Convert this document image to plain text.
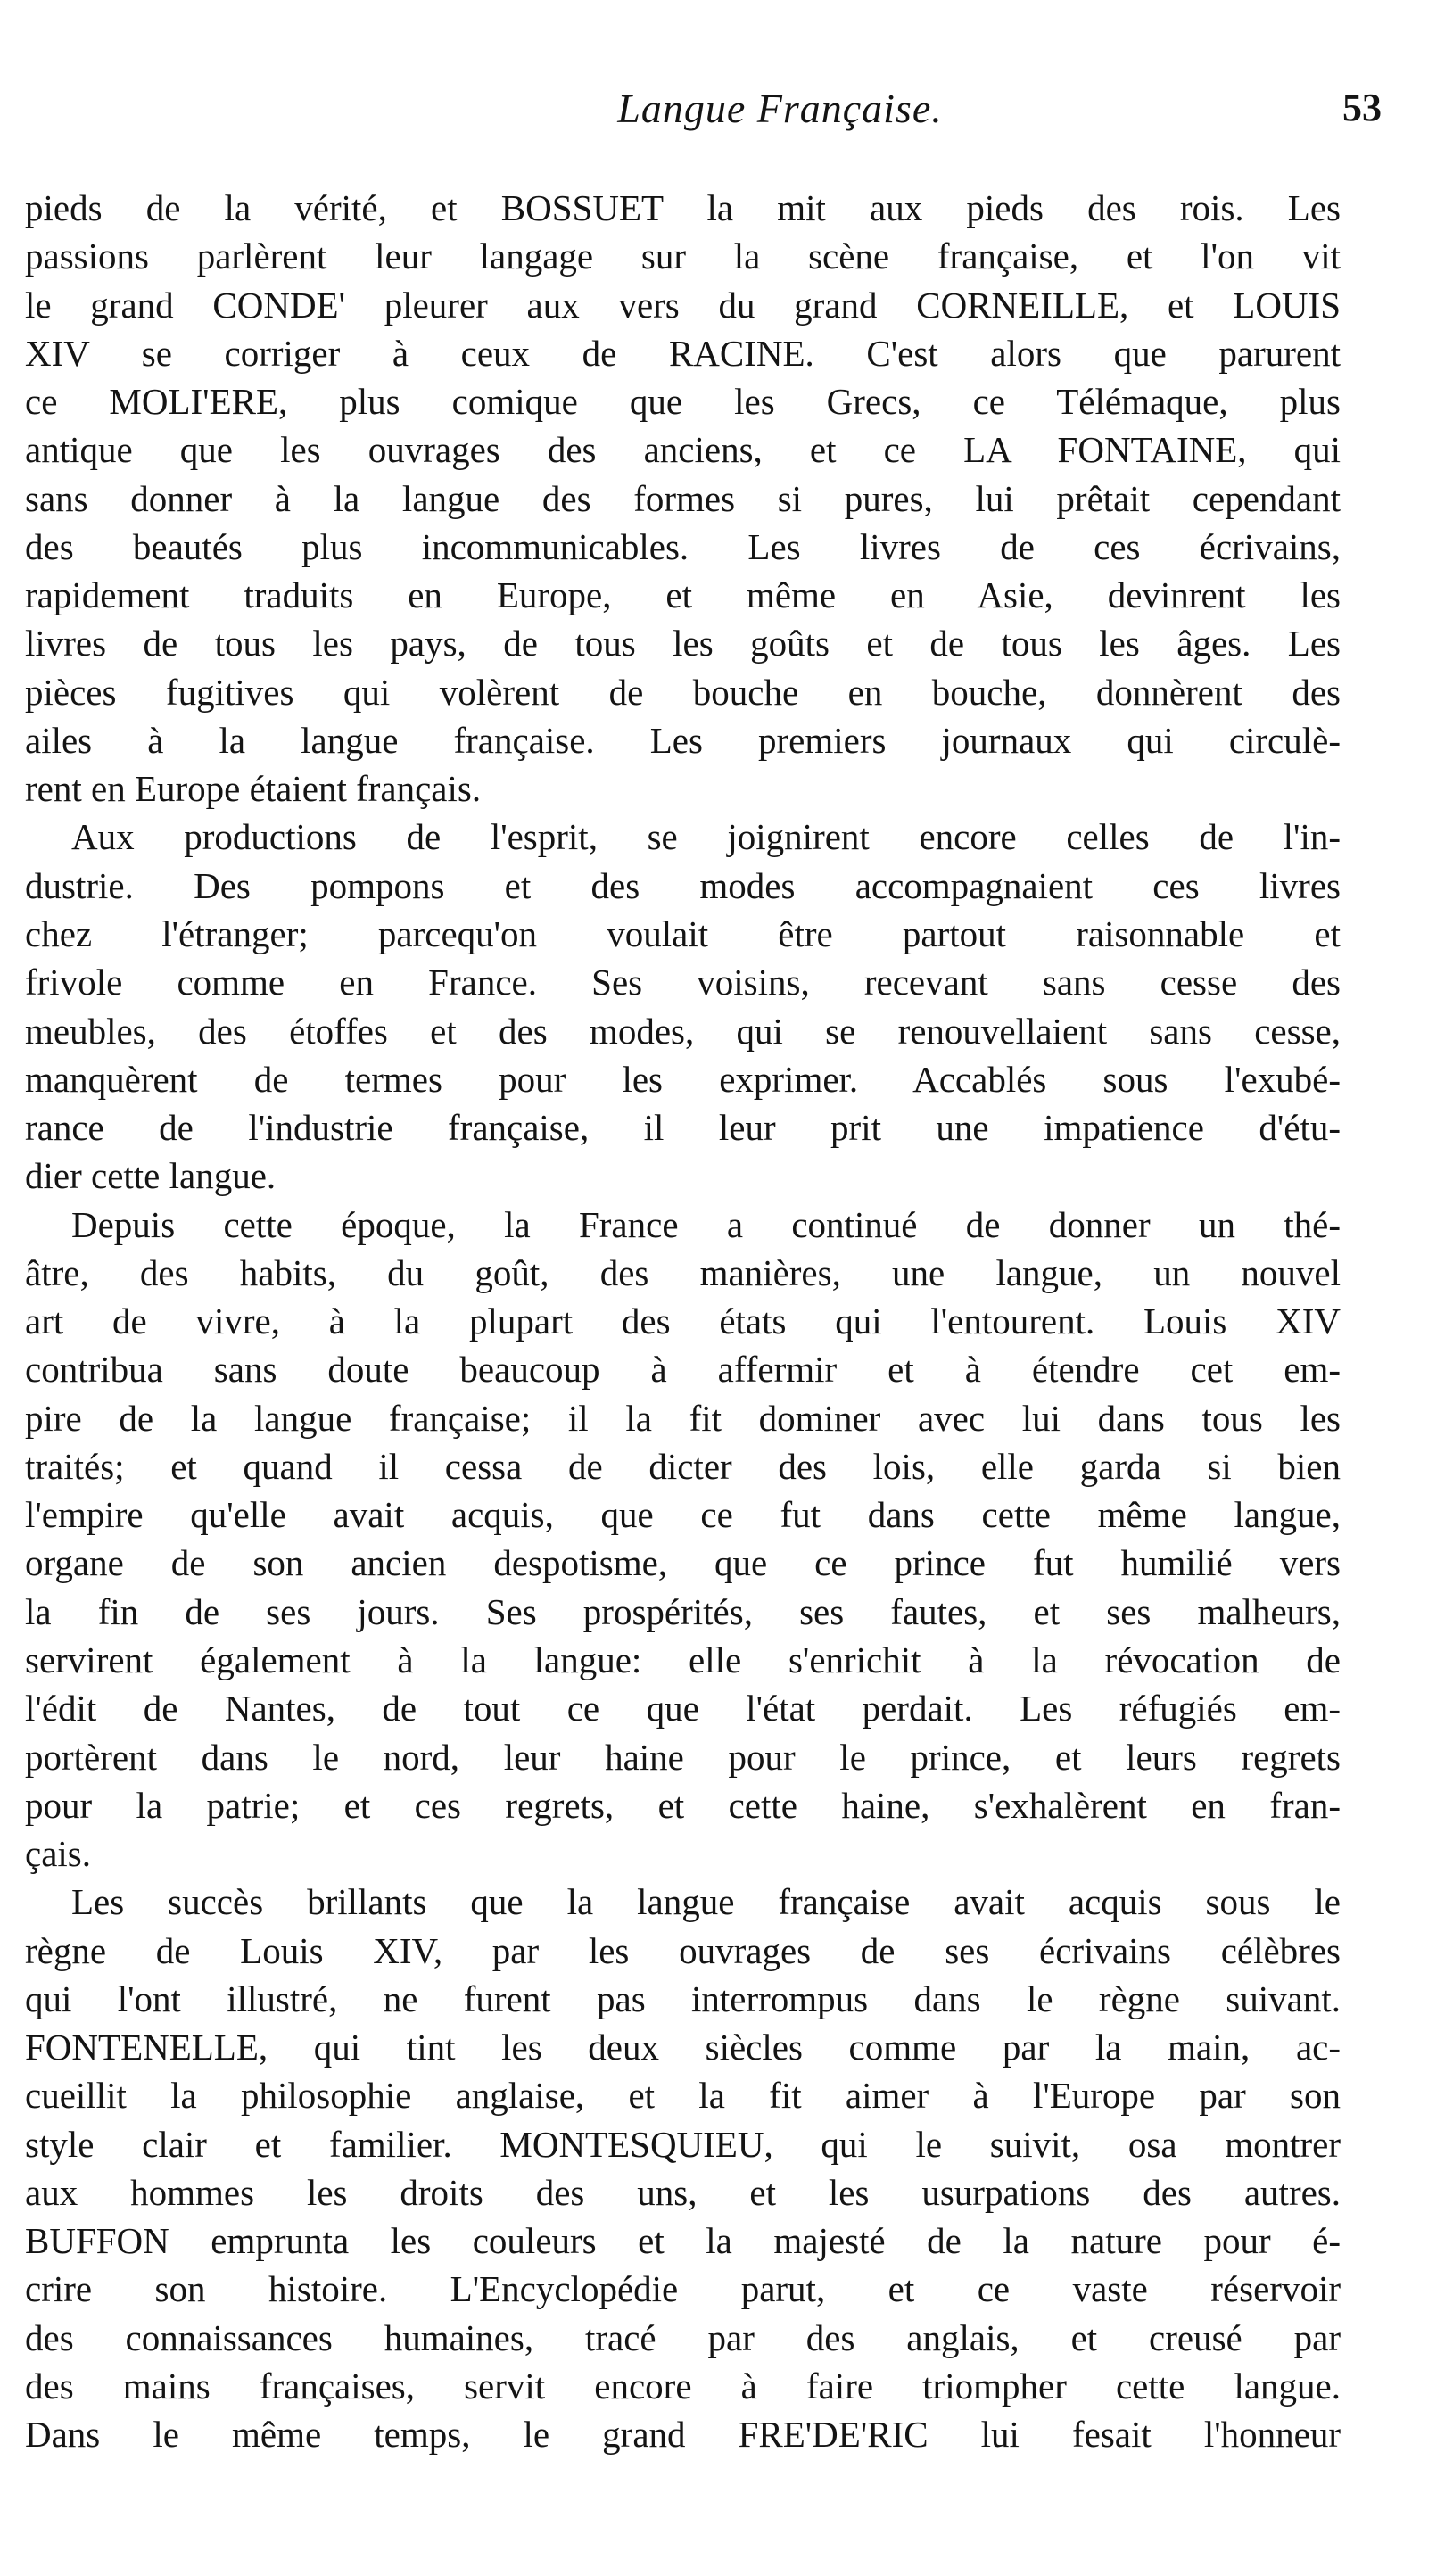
Langue Française.	53
pieds de la vérité, et BOSSUET la mit aux pieds des rois. Les
passions parlèrent leur langage sur la scène française, et l'on vit
le grand CONDE' pleurer aux vers du grand CORNEILLE, et LOUIS
XIV se corriger à ceux de RACINE. C'est alors que parurent
ce MOLI'ERE, plus comique que les Grecs, ce Télémaque, plus
antique que les ouvrages des anciens, et ce LA FONTAINE, qui
sans donner à la langue des formes si pures, lui prêtait cependant
des beautés plus incommunicables. Les livres de ces écrivains,
rapidement traduits en Europe, et même en Asie, devinrent les
livres de tous les pays, de tous les goûts et de tous les âges. Les
pièces fugitives qui volèrent de bouche en bouche, donnèrent des
ailes à la langue française. Les premiers journaux qui circulè-
rent en Europe étaient français.
Aux productions de l'esprit, se joignirent encore celles de l'in-
dustrie. Des pompons et des modes accompagnaient ces livres
chez l'étranger; parcequ'on voulait être partout raisonnable et
frivole comme en France. Ses voisins, recevant sans cesse des
meubles, des étoffes et des modes, qui se renouvellaient sans cesse,
manquèrent de termes pour les exprimer. Accablés sous l'exubé-
rance de l'industrie française, il leur prit une impatience d'étu-
dier cette langue.
Depuis cette époque, la France a continué de donner un thé-
âtre, des habits, du goût, des manières, une langue, un nouvel
art de vivre, à la plupart des états qui l'entourent. Louis XIV
contribua sans doute beaucoup à affermir et à étendre cet em-
pire de la langue française; il la fit dominer avec lui dans tous les
traités; et quand il cessa de dicter des lois, elle garda si bien
l'empire qu'elle avait acquis, que ce fut dans cette même langue,
organe de son ancien despotisme, que ce prince fut humilié vers
la fin de ses jours. Ses prospérités, ses fautes, et ses malheurs,
servirent également à la langue: elle s'enrichit à la révocation de
l'édit de Nantes, de tout ce que l'état perdait. Les réfugiés em-
portèrent dans le nord, leur haine pour le prince, et leurs regrets
pour la patrie; et ces regrets, et cette haine, s'exhalèrent en fran-
çais.
Les succès brillants que la langue française avait acquis sous le
règne de Louis XIV, par les ouvrages de ses écrivains célèbres
qui l'ont illustré, ne furent pas interrompus dans le règne suivant.
FONTENELLE, qui tint les deux siècles comme par la main, ac-
cueillit la philosophie anglaise, et la fit aimer à l'Europe par son
style clair et familier. MONTESQUIEU, qui le suivit, osa montrer
aux hommes les droits des uns, et les usurpations des autres.
BUFFON emprunta les couleurs et la majesté de la nature pour é-
crire son histoire. L'Encyclopédie parut, et ce vaste réservoir
des connaissances humaines, tracé par des anglais, et creusé par
des mains françaises, servit encore à faire triompher cette langue.
Dans le même temps, le grand FRE'DE'RIC lui fesait l'honneur
